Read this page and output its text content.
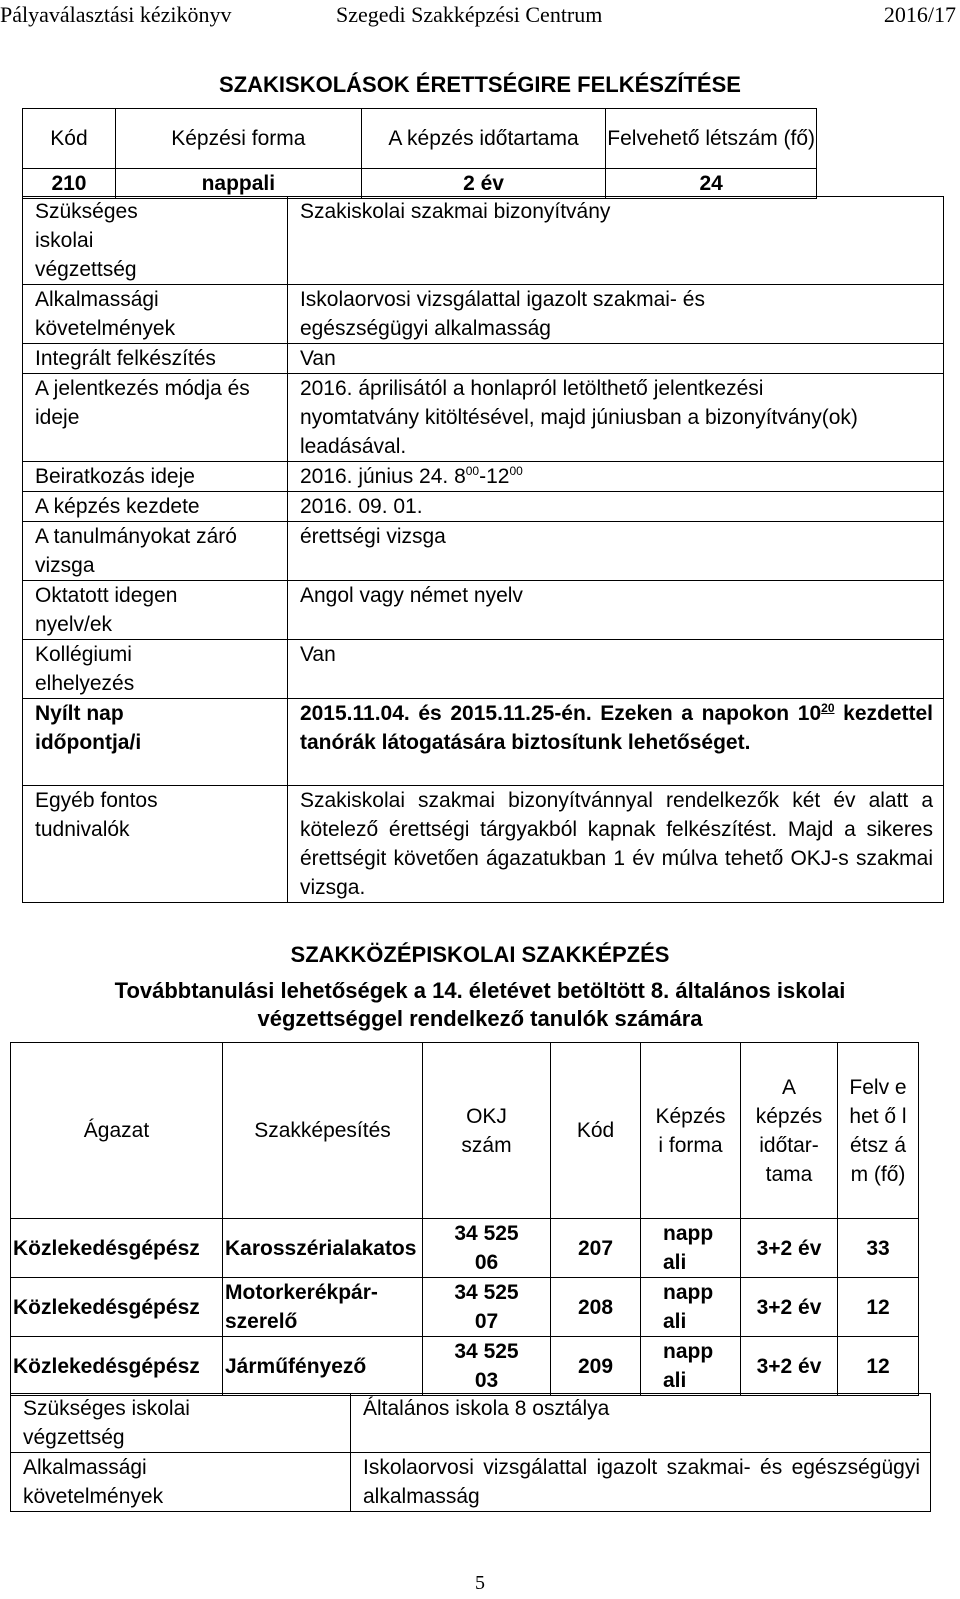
Pályaválasztási kézikönyv	Szegedi Szakképzési Centrum	2016/17
SZAKISKOLÁSOK ÉRETTSÉGIRE FELKÉSZÍTÉSE
Kód	Képzési forma	A képzés időtartama	Felvehető létszám (fő)
210	nappali	2 év	24
Szükséges iskolai végzettség	Szakiskolai szakmai bizonyítvány
Alkalmassági követelmények	Iskolaorvosi vizsgálattal igazolt szakmai- és egészségügyi alkalmasság
Integrált felkészítés	Van
A jelentkezés módja és ideje	2016. áprilisától a honlapról letölthető jelentkezési nyomtatvány kitöltésével, majd júniusban a bizonyítvány(ok) leadásával.
Beiratkozás ideje	2016. június 24. $8^{00}-12^{00}$
A képzés kezdete	2016. 09. 01.
A tanulmányokat záró vizsga	érettségi vizsga
Oktatott idegen nyelv/ek	Angol vagy német nyelv
Kollégiumi elhelyezés	Van
Nyílt nap időpontja/i	2015.11.04. és 2015.11.25-én. Ezeken a napokon $10^{20}$ kezdettel tanórák látogatására biztosítunk lehetőséget.
Egyéb fontos tudnivalók	Szakiskolai szakmai bizonyítvánnyal rendelkezők két év alatt a kötelező érettségi tárgyakból kapnak felkészítést. Majd a sikeres érettségit követően ágazatukban 1 év múlva tehető OKJ-s szakmai vizsga.
SZAKKÖZÉPISKOLAI SZAKKÉPZÉS
Továbbtanulási lehetőségek a 14. életévet betöltött 8. általános iskolai
végzettséggel rendelkező tanulók számára
Ágazat	Szakképesítés	OKJ szám	Kód	Képzés i forma	A képzés időtar- tama	Felv ehet ő létsz ám (fő)
Közlekedésgépész	Karosszérialakatos	34 525 06	207	nappali	3+2 év	33
Közlekedésgépész	Motorkerékpár-szerelő	34 525 07	208	nappali	3+2 év	12
Közlekedésgépész	Járműfényező	34 525 03	209	nappali	3+2 év	12
Szükséges iskolai végzettség	Általános iskola 8 osztálya
Alkalmassági követelmények	Iskolaorvosi vizsgálattal igazolt szakmai- és egészségügyi alkalmasság
5
